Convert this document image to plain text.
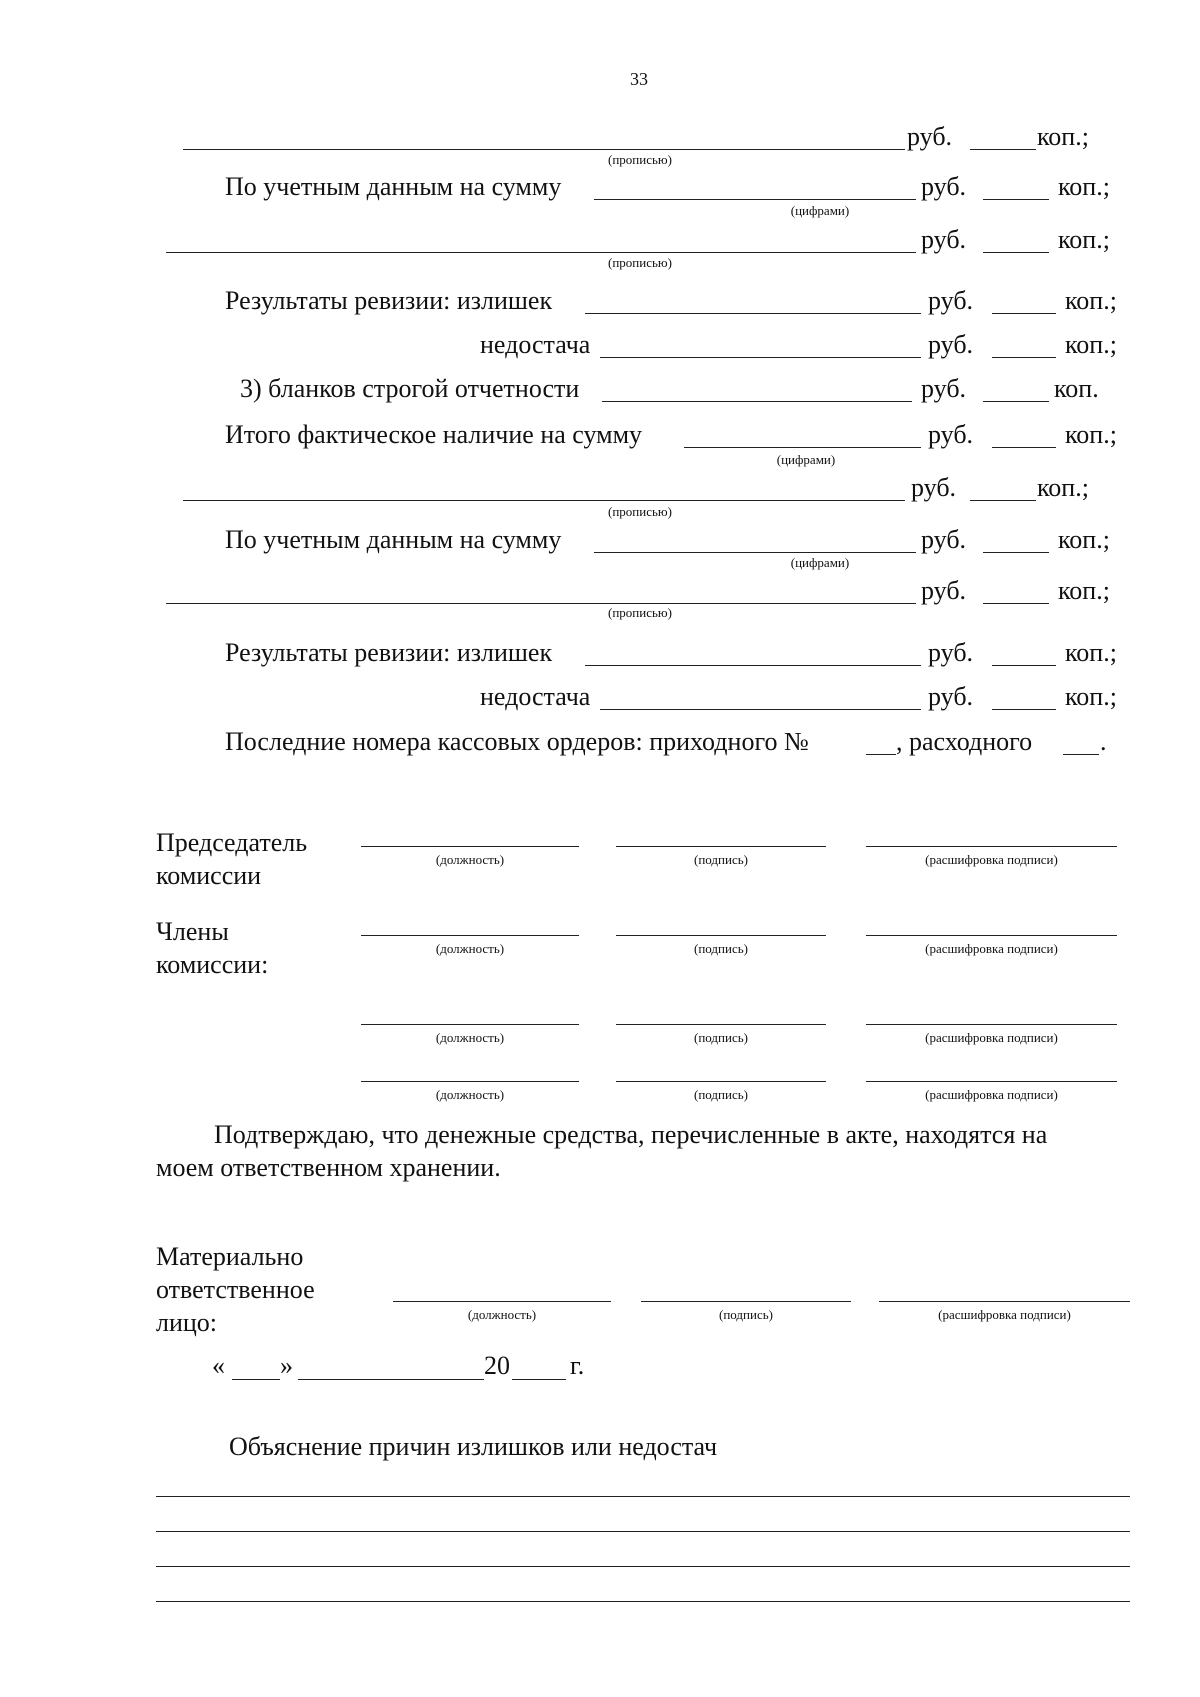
33
руб.	коп.;
(прописью)
По учетным данным на сумму	руб.	коп.;
(цифрами)
руб.	коп.;
(прописью)
Результаты ревизии: излишек	руб.	коп.;
недостача	руб.	коп.;
3) бланков строгой отчетности	руб.	коп.
Итого фактическое наличие на сумму	руб.	коп.;
(цифрами)
руб.	коп.;
(прописью)
По учетным данным на сумму	руб.	коп.;
(цифрами)
руб.	коп.;
(прописью)
Результаты ревизии: излишек	руб.	коп.;
недостача	руб.	коп.;
Последние номера кассовых ордеров: приходного №	, расходного	.
Председатель
комиссии
(должность)	(подпись)	(расшифровка подписи)
Члены
комиссии:
(должность)	(подпись)	(расшифровка подписи)
(должность)	(подпись)	(расшифровка подписи)
(должность)	(подпись)	(расшифровка подписи)
Подтверждаю, что денежные средства, перечисленные в акте, находятся на
моем ответственном хранении.
Материально
ответственное
лицо:	(должность)	(подпись)	(расшифровка подписи)
« »	20 г.
Объяснение причин излишков или недостач
